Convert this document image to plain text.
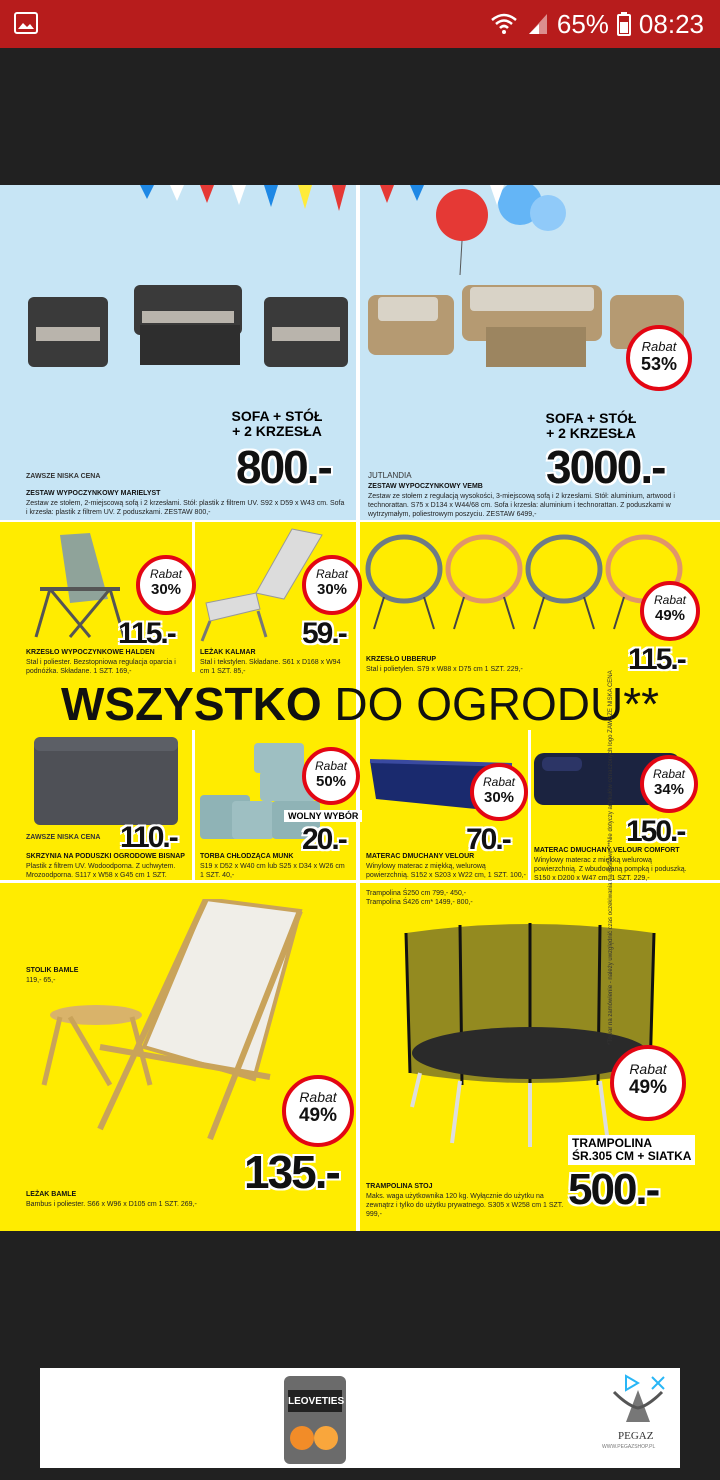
65% 08:23
SOFA + STÓŁ
+ 2 KRZESŁA
800.-
ZAWSZE NISKA CENA
ZESTAW WYPOCZYNKOWY MARIELYST
Zestaw ze stołem, 2-miejscową sofą i 2 krzesłami. Stół: plastik z filtrem UV. S92 x D59 x W43 cm. Sofa i krzesła: plastik z filtrem UV. Z poduszkami. ZESTAW 800,-
Rabat
53%
SOFA + STÓŁ
+ 2 KRZESŁA
3000.-
JUTLANDIA
ZESTAW WYPOCZYNKOWY VEMB
Zestaw ze stołem z regulacją wysokości, 3-miejscową sofą i 2 krzesłami. Stół: aluminium, artwood i technorattan. S75 x D134 x W44/68 cm. Sofa i krzesła: aluminium i technorattan. Z poduszkami w wytrzymałym, poliestrowym poszyciu. ZESTAW 6499,-
Rabat
30%
115.-
KRZESŁO WYPOCZYNKOWE HALDEN
Stal i poliester. Bezstopniowa regulacja oparcia i podnóżka. Składane. 1 SZT. 169,-
Rabat
30%
59.-
LEŻAK KALMAR
Stal i tekstylen. Składane. S61 x D168 x W94 cm 1 SZT. 85,-
Rabat
49%
115.-
KRZESŁO UBBERUP
Stal i polietylen. S79 x W88 x D75 cm 1 SZT. 229,-
WSZYSTKO DO OGRODU**
ZAWSZE NISKA CENA 110.-
SKRZYNIA NA PODUSZKI OGRODOWE BISNAP
Plastik z filtrem UV. Wodoodporna. Z uchwytem. Mrozoodporna. S117 x W58 x G45 cm 1 SZT.
Rabat
50%
WOLNY WYBÓR
20.-
TORBA CHŁODZĄCA MUNK
S19 x D52 x W40 cm lub S25 x D34 x W26 cm 1 SZT. 40,-
Rabat
30%
70.-
MATERAC DMUCHANY VELOUR
Winylowy materac z miękką, welurową powierzchnią. S152 x S203 x W22 cm, 1 SZT. 100,-
Rabat
34%
150.-
MATERAC DMUCHANY VELOUR COMFORT
Winylowy materac z miękką welurową powierzchnią. Z wbudowaną pompką i poduszką. S150 x D200 x W47 cm, 1 SZT. 229,-
STOLIK BAMLE
119,- 65,-
Rabat
49%
135.-
LEŻAK BAMLE
Bambus i poliester. S66 x W96 x D105 cm 1 SZT. 269,-
Trampolina Ś250 cm 799,- 450,-
Trampolina Ś426 cm* 1499,- 800,-
Rabat
49%
TRAMPOLINA
ŚR.305 CM + SIATKA
500.-
TRAMPOLINA STOJ
Maks. waga użytkownika 120 kg. Wyłącznie do użytku na zewnątrz i tylko do użytku prywatnego. S305 x W258 cm 1 SZT. 999,-
*Towar na zamówienie - należy uwzględnić czas oczekiwania na dostawę. **Nie dotyczy artykułów oznaczonych logo ZAWSZE NISKA CENA
LEOVETIES
PEGAZ
WWW.PEGAZSHOP.PL
